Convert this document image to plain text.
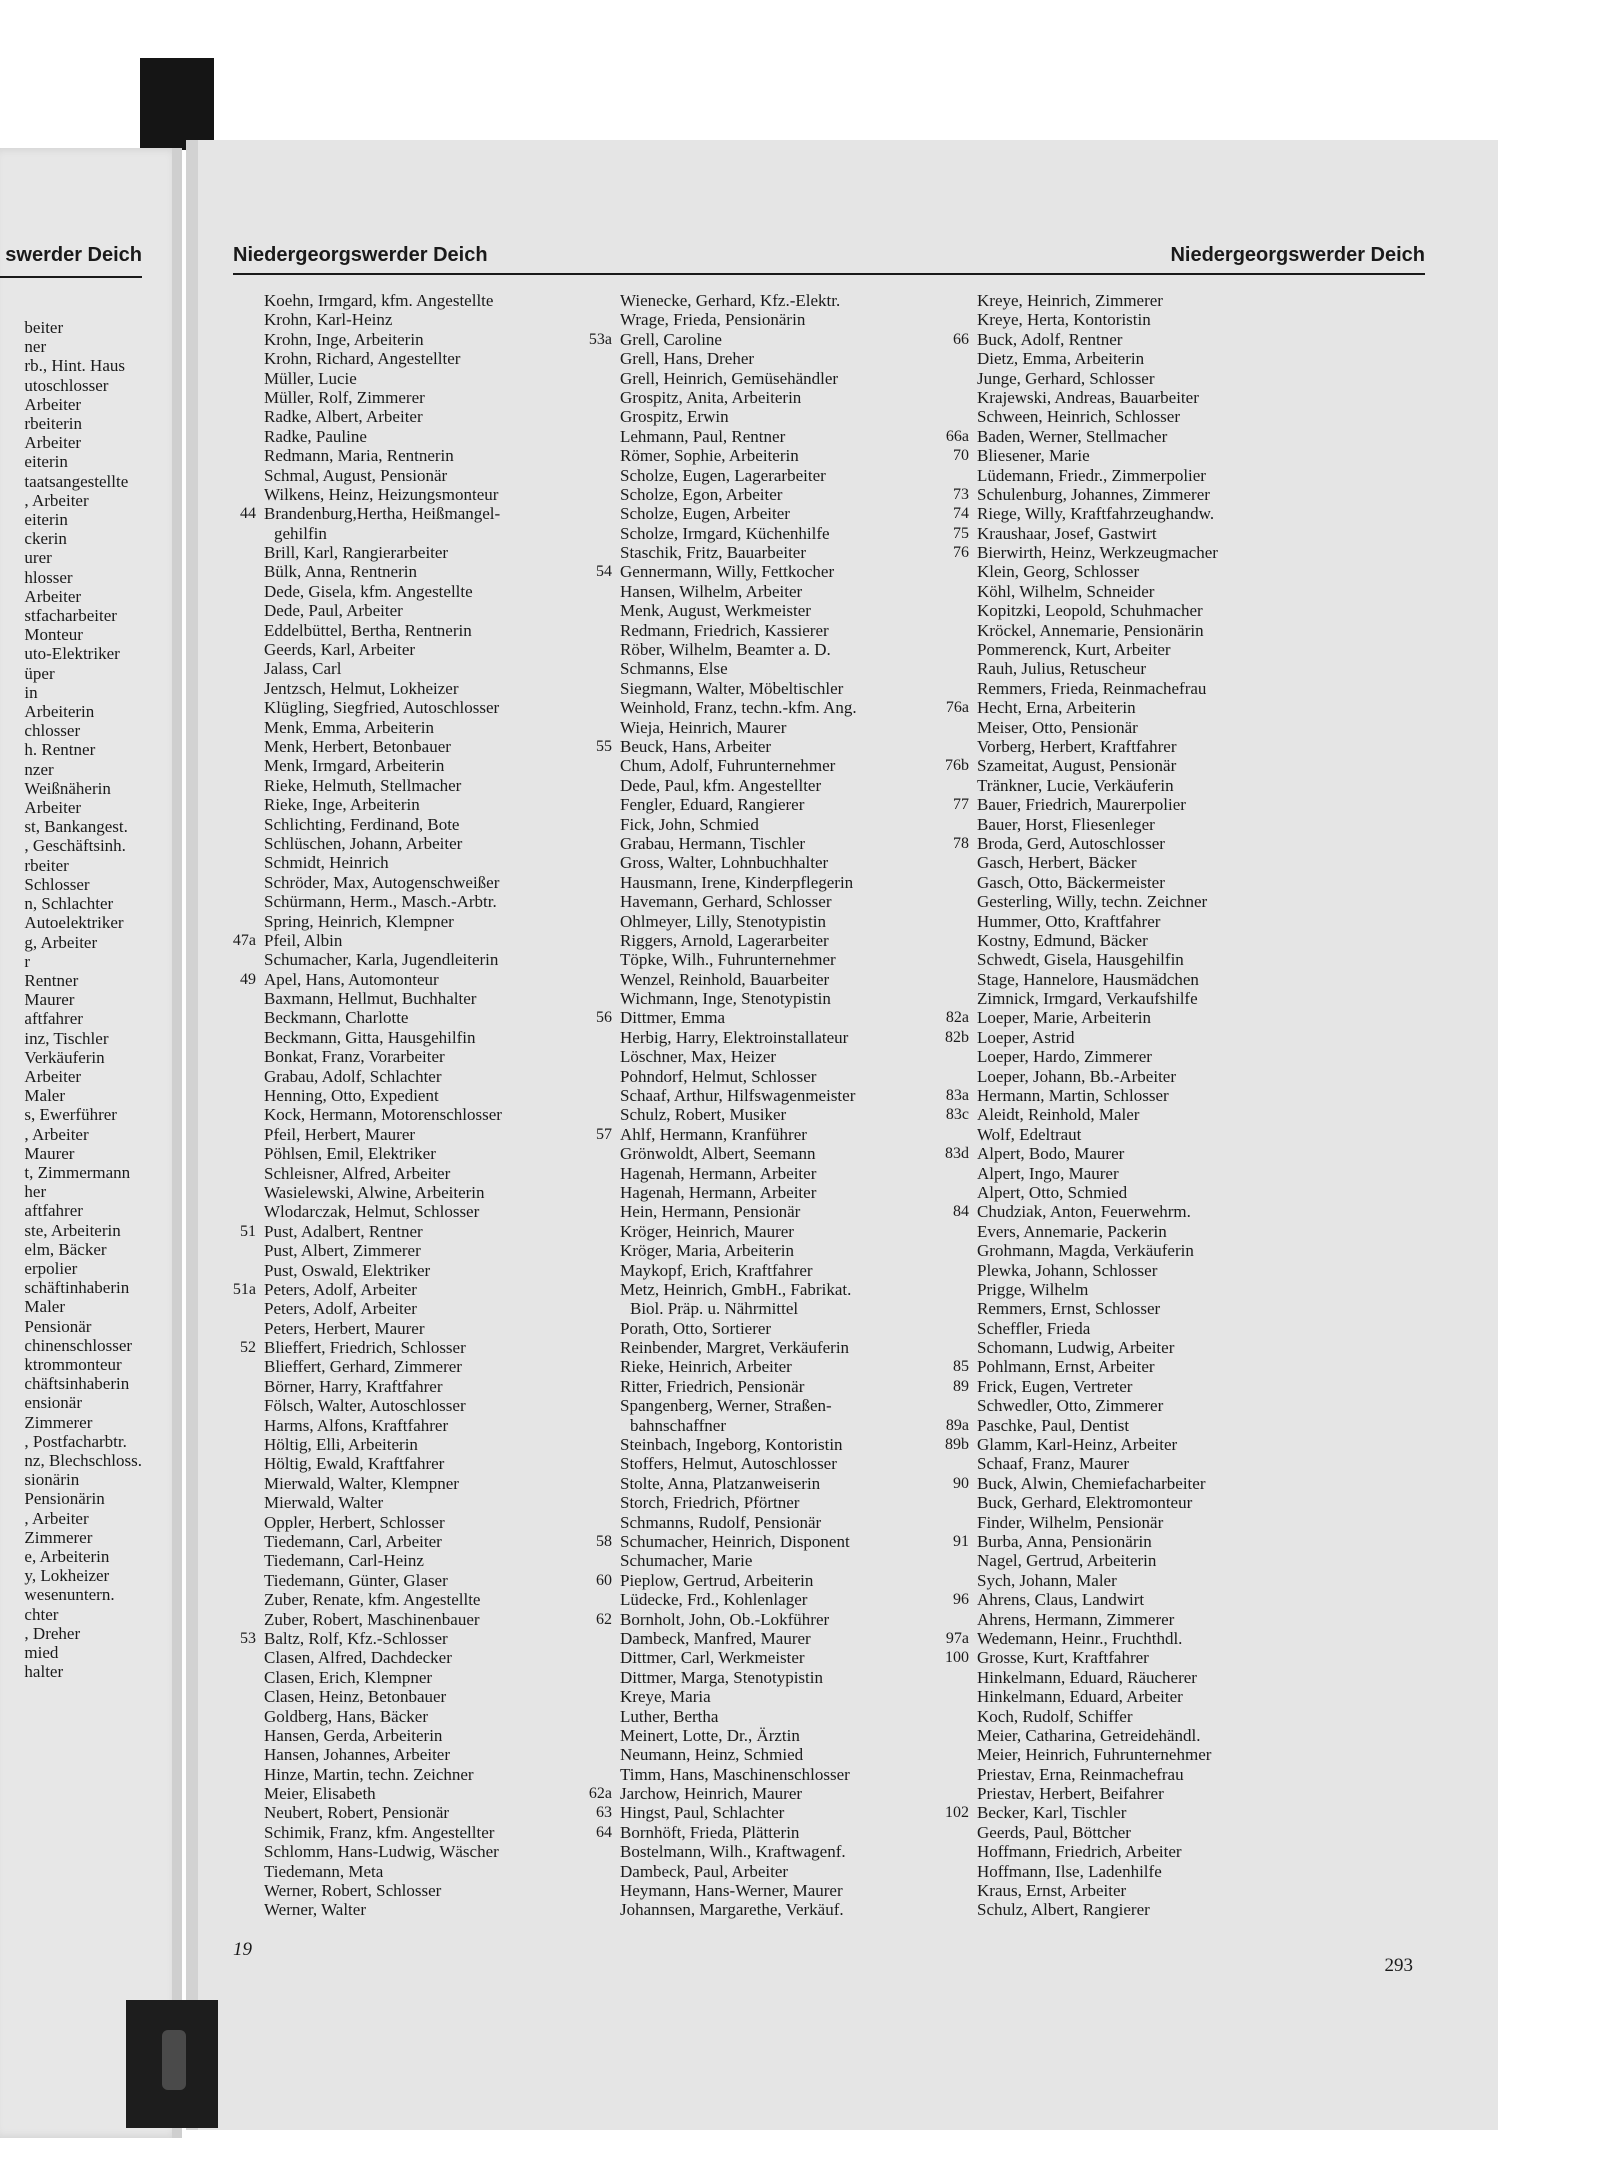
swerder Deich
beiter
ner
rb., Hint. Haus
utoschlosser
Arbeiter
rbeiterin
Arbeiter
eiterin
taatsangestellte
, Arbeiter
eiterin
ckerin
urer
hlosser
Arbeiter
stfacharbeiter
Monteur
uto-Elektriker
üper
in
Arbeiterin
chlosser
h. Rentner
nzer
Weißnäherin
Arbeiter
st, Bankangest.
, Geschäftsinh.
rbeiter
Schlosser
n, Schlachter
Autoelektriker
g, Arbeiter
r
Rentner
Maurer
aftfahrer
inz, Tischler
Verkäuferin
Arbeiter
Maler
s, Ewerführer
, Arbeiter
Maurer
t, Zimmermann
her
aftfahrer
ste, Arbeiterin
elm, Bäcker
erpolier
schäftinhaberin
Maler
Pensionär
chinenschlosser
ktrommonteur
chäftsinhaberin
ensionär
Zimmerer
, Postfacharbtr.
nz, Blechschloss.
sionärin
Pensionärin
, Arbeiter
Zimmerer
e, Arbeiterin
y, Lokheizer
wesenuntern.
chter
, Dreher
mied
halter
Niedergeorgswerder Deich	Niedergeorgswerder Deich
Koehn, Irmgard, kfm. Angestellte
Krohn, Karl-Heinz
Krohn, Inge, Arbeiterin
Krohn, Richard, Angestellter
Müller, Lucie
Müller, Rolf, Zimmerer
Radke, Albert, Arbeiter
Radke, Pauline
Redmann, Maria, Rentnerin
Schmal, August, Pensionär
Wilkens, Heinz, Heizungsmonteur
44 Brandenburg,Hertha, Heißmangel-
gehilfin
Brill, Karl, Rangierarbeiter
Bülk, Anna, Rentnerin
Dede, Gisela, kfm. Angestellte
Dede, Paul, Arbeiter
Eddelbüttel, Bertha, Rentnerin
Geerds, Karl, Arbeiter
Jalass, Carl
Jentzsch, Helmut, Lokheizer
Klügling, Siegfried, Autoschlosser
Menk, Emma, Arbeiterin
Menk, Herbert, Betonbauer
Menk, Irmgard, Arbeiterin
Rieke, Helmuth, Stellmacher
Rieke, Inge, Arbeiterin
Schlichting, Ferdinand, Bote
Schlüschen, Johann, Arbeiter
Schmidt, Heinrich
Schröder, Max, Autogenschweißer
Schürmann, Herm., Masch.-Arbtr.
Spring, Heinrich, Klempner
47a Pfeil, Albin
Schumacher, Karla, Jugendleiterin
49 Apel, Hans, Automonteur
Baxmann, Hellmut, Buchhalter
Beckmann, Charlotte
Beckmann, Gitta, Hausgehilfin
Bonkat, Franz, Vorarbeiter
Grabau, Adolf, Schlachter
Henning, Otto, Expedient
Kock, Hermann, Motorenschlosser
Pfeil, Herbert, Maurer
Pöhlsen, Emil, Elektriker
Schleisner, Alfred, Arbeiter
Wasielewski, Alwine, Arbeiterin
Wlodarczak, Helmut, Schlosser
51 Pust, Adalbert, Rentner
Pust, Albert, Zimmerer
Pust, Oswald, Elektriker
51a Peters, Adolf, Arbeiter
Peters, Adolf, Arbeiter
Peters, Herbert, Maurer
52 Blieffert, Friedrich, Schlosser
Blieffert, Gerhard, Zimmerer
Börner, Harry, Kraftfahrer
Fölsch, Walter, Autoschlosser
Harms, Alfons, Kraftfahrer
Höltig, Elli, Arbeiterin
Höltig, Ewald, Kraftfahrer
Mierwald, Walter, Klempner
Mierwald, Walter
Oppler, Herbert, Schlosser
Tiedemann, Carl, Arbeiter
Tiedemann, Carl-Heinz
Tiedemann, Günter, Glaser
Zuber, Renate, kfm. Angestellte
Zuber, Robert, Maschinenbauer
53 Baltz, Rolf, Kfz.-Schlosser
Clasen, Alfred, Dachdecker
Clasen, Erich, Klempner
Clasen, Heinz, Betonbauer
Goldberg, Hans, Bäcker
Hansen, Gerda, Arbeiterin
Hansen, Johannes, Arbeiter
Hinze, Martin, techn. Zeichner
Meier, Elisabeth
Neubert, Robert, Pensionär
Schimik, Franz, kfm. Angestellter
Schlomm, Hans-Ludwig, Wäscher
Tiedemann, Meta
Werner, Robert, Schlosser
Werner, Walter
Wienecke, Gerhard, Kfz.-Elektr.
Wrage, Frieda, Pensionärin
53a Grell, Caroline
Grell, Hans, Dreher
Grell, Heinrich, Gemüsehändler
Grospitz, Anita, Arbeiterin
Grospitz, Erwin
Lehmann, Paul, Rentner
Römer, Sophie, Arbeiterin
Scholze, Eugen, Lagerarbeiter
Scholze, Egon, Arbeiter
Scholze, Eugen, Arbeiter
Scholze, Irmgard, Küchenhilfe
Staschik, Fritz, Bauarbeiter
54 Gennermann, Willy, Fettkocher
Hansen, Wilhelm, Arbeiter
Menk, August, Werkmeister
Redmann, Friedrich, Kassierer
Röber, Wilhelm, Beamter a. D.
Schmanns, Else
Siegmann, Walter, Möbeltischler
Weinhold, Franz, techn.-kfm. Ang.
Wieja, Heinrich, Maurer
55 Beuck, Hans, Arbeiter
Chum, Adolf, Fuhrunternehmer
Dede, Paul, kfm. Angestellter
Fengler, Eduard, Rangierer
Fick, John, Schmied
Grabau, Hermann, Tischler
Gross, Walter, Lohnbuchhalter
Hausmann, Irene, Kinderpflegerin
Havemann, Gerhard, Schlosser
Ohlmeyer, Lilly, Stenotypistin
Riggers, Arnold, Lagerarbeiter
Töpke, Wilh., Fuhrunternehmer
Wenzel, Reinhold, Bauarbeiter
Wichmann, Inge, Stenotypistin
56 Dittmer, Emma
Herbig, Harry, Elektroinstallateur
Löschner, Max, Heizer
Pohndorf, Helmut, Schlosser
Schaaf, Arthur, Hilfswagenmeister
Schulz, Robert, Musiker
57 Ahlf, Hermann, Kranführer
Grönwoldt, Albert, Seemann
Hagenah, Hermann, Arbeiter
Hagenah, Hermann, Arbeiter
Hein, Hermann, Pensionär
Kröger, Heinrich, Maurer
Kröger, Maria, Arbeiterin
Maykopf, Erich, Kraftfahrer
Metz, Heinrich, GmbH., Fabrikat.
Biol. Präp. u. Nährmittel
Porath, Otto, Sortierer
Reinbender, Margret, Verkäuferin
Rieke, Heinrich, Arbeiter
Ritter, Friedrich, Pensionär
Spangenberg, Werner, Straßen-
bahnschaffner
Steinbach, Ingeborg, Kontoristin
Stoffers, Helmut, Autoschlosser
Stolte, Anna, Platzanweiserin
Storch, Friedrich, Pförtner
Schmanns, Rudolf, Pensionär
58 Schumacher, Heinrich, Disponent
Schumacher, Marie
60 Pieplow, Gertrud, Arbeiterin
Lüdecke, Frd., Kohlenlager
62 Bornholt, John, Ob.-Lokführer
Dambeck, Manfred, Maurer
Dittmer, Carl, Werkmeister
Dittmer, Marga, Stenotypistin
Kreye, Maria
Luther, Bertha
Meinert, Lotte, Dr., Ärztin
Neumann, Heinz, Schmied
Timm, Hans, Maschinenschlosser
62a Jarchow, Heinrich, Maurer
63 Hingst, Paul, Schlachter
64 Bornhöft, Frieda, Plätterin
Bostelmann, Wilh., Kraftwagenf.
Dambeck, Paul, Arbeiter
Heymann, Hans-Werner, Maurer
Johannsen, Margarethe, Verkäuf.
Kreye, Heinrich, Zimmerer
Kreye, Herta, Kontoristin
66 Buck, Adolf, Rentner
Dietz, Emma, Arbeiterin
Junge, Gerhard, Schlosser
Krajewski, Andreas, Bauarbeiter
Schween, Heinrich, Schlosser
66a Baden, Werner, Stellmacher
70 Bliesener, Marie
Lüdemann, Friedr., Zimmerpolier
73 Schulenburg, Johannes, Zimmerer
74 Riege, Willy, Kraftfahrzeughandw.
75 Kraushaar, Josef, Gastwirt
76 Bierwirth, Heinz, Werkzeugmacher
Klein, Georg, Schlosser
Köhl, Wilhelm, Schneider
Kopitzki, Leopold, Schuhmacher
Kröckel, Annemarie, Pensionärin
Pommerenck, Kurt, Arbeiter
Rauh, Julius, Retuscheur
Remmers, Frieda, Reinmachefrau
76a Hecht, Erna, Arbeiterin
Meiser, Otto, Pensionär
Vorberg, Herbert, Kraftfahrer
76b Szameitat, August, Pensionär
Tränkner, Lucie, Verkäuferin
77 Bauer, Friedrich, Maurerpolier
Bauer, Horst, Fliesenleger
78 Broda, Gerd, Autoschlosser
Gasch, Herbert, Bäcker
Gasch, Otto, Bäckermeister
Gesterling, Willy, techn. Zeichner
Hummer, Otto, Kraftfahrer
Kostny, Edmund, Bäcker
Schwedt, Gisela, Hausgehilfin
Stage, Hannelore, Hausmädchen
Zimnick, Irmgard, Verkaufshilfe
82a Loeper, Marie, Arbeiterin
82b Loeper, Astrid
Loeper, Hardo, Zimmerer
Loeper, Johann, Bb.-Arbeiter
83a Hermann, Martin, Schlosser
83c Aleidt, Reinhold, Maler
Wolf, Edeltraut
83d Alpert, Bodo, Maurer
Alpert, Ingo, Maurer
Alpert, Otto, Schmied
84 Chudziak, Anton, Feuerwehrm.
Evers, Annemarie, Packerin
Grohmann, Magda, Verkäuferin
Plewka, Johann, Schlosser
Prigge, Wilhelm
Remmers, Ernst, Schlosser
Scheffler, Frieda
Schomann, Ludwig, Arbeiter
85 Pohlmann, Ernst, Arbeiter
89 Frick, Eugen, Vertreter
Schwedler, Otto, Zimmerer
89a Paschke, Paul, Dentist
89b Glamm, Karl-Heinz, Arbeiter
Schaaf, Franz, Maurer
90 Buck, Alwin, Chemiefacharbeiter
Buck, Gerhard, Elektromonteur
Finder, Wilhelm, Pensionär
91 Burba, Anna, Pensionärin
Nagel, Gertrud, Arbeiterin
Sych, Johann, Maler
96 Ahrens, Claus, Landwirt
Ahrens, Hermann, Zimmerer
97a Wedemann, Heinr., Fruchthdl.
100 Grosse, Kurt, Kraftfahrer
Hinkelmann, Eduard, Räucherer
Hinkelmann, Eduard, Arbeiter
Koch, Rudolf, Schiffer
Meier, Catharina, Getreidehändl.
Meier, Heinrich, Fuhrunternehmer
Priestav, Erna, Reinmachefrau
Priestav, Herbert, Beifahrer
102 Becker, Karl, Tischler
Geerds, Paul, Böttcher
Hoffmann, Friedrich, Arbeiter
Hoffmann, Ilse, Ladenhilfe
Kraus, Ernst, Arbeiter
Schulz, Albert, Rangierer
19
293
